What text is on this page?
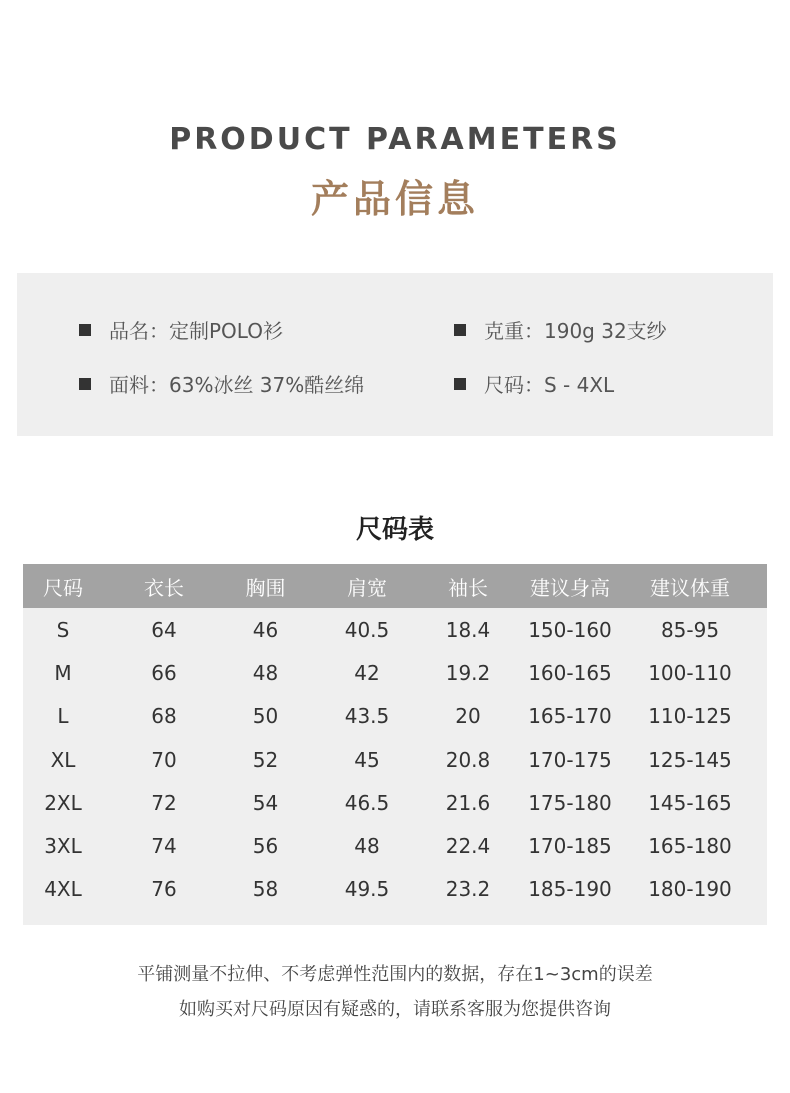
PRODUCT PARAMETERS
产品信息
品名：定制POLO衫	克重：190g 32支纱
面料：63%冰丝 37%酷丝绵	尺码：S - 4XL
尺码表
尺码	衣长	胸围	肩宽	袖长	建议身高	建议体重
S	64	46	40.5	18.4	150-160	85-95
M	66	48	42	19.2	160-165	100-110
L	68	50	43.5	20	165-170	110-125
XL	70	52	45	20.8	170-175	125-145
2XL	72	54	46.5	21.6	175-180	145-165
3XL	74	56	48	22.4	170-185	165-180
4XL	76	58	49.5	23.2	185-190	180-190
平铺测量不拉伸、不考虑弹性范围内的数据，存在1~3cm的误差
如购买对尺码原因有疑惑的，请联系客服为您提供咨询
